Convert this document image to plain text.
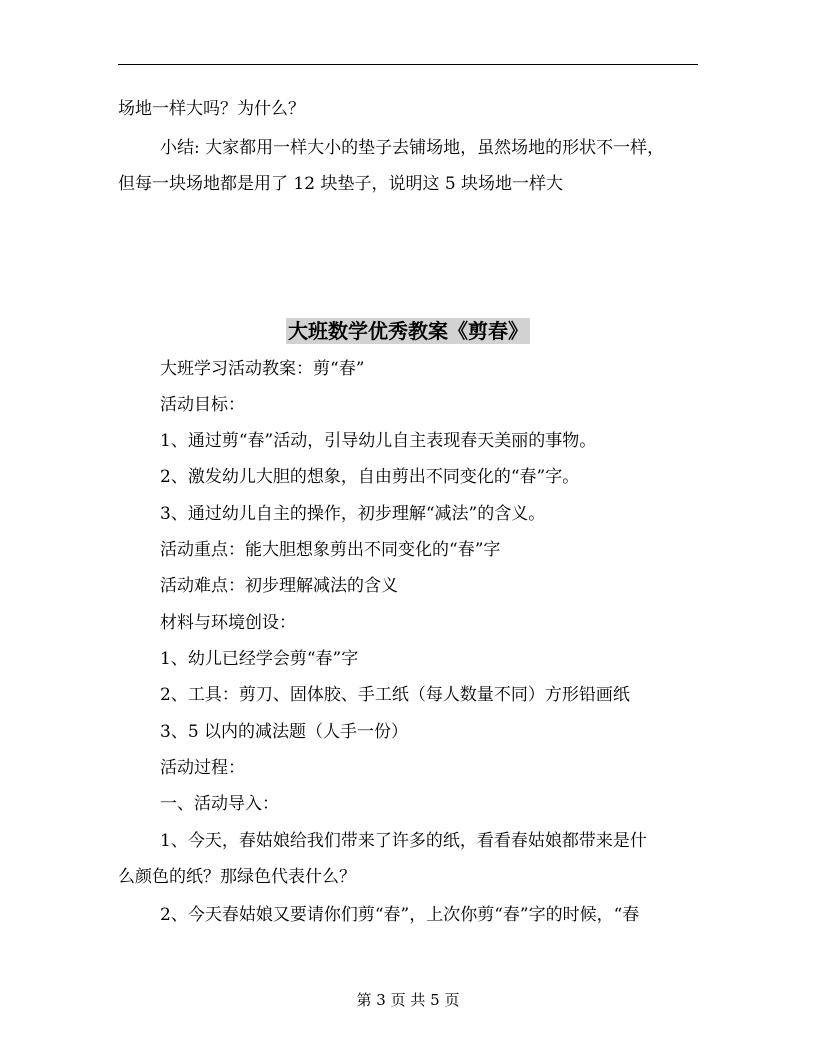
场地一样大吗？为什么？
小结: 大家都用一样大小的垫子去铺场地，虽然场地的形状不一样，
但每一块场地都是用了 12 块垫子，说明这 5 块场地一样大
大班数学优秀教案《剪春》
大班学习活动教案：剪“春”
活动目标：
1、通过剪“春”活动，引导幼儿自主表现春天美丽的事物。
2、激发幼儿大胆的想象，自由剪出不同变化的“春”字。
3、通过幼儿自主的操作，初步理解“减法”的含义。
活动重点：能大胆想象剪出不同变化的“春”字
活动难点：初步理解减法的含义
材料与环境创设：
1、幼儿已经学会剪“春”字
2、工具：剪刀、固体胶、手工纸（每人数量不同）方形铅画纸
3、5 以内的减法题（人手一份）
活动过程：
一、活动导入：
1、今天，春姑娘给我们带来了许多的纸，看看春姑娘都带来是什
么颜色的纸？那绿色代表什么？
2、今天春姑娘又要请你们剪“春”，上次你剪“春”字的时候，“春
第 3 页 共 5 页
